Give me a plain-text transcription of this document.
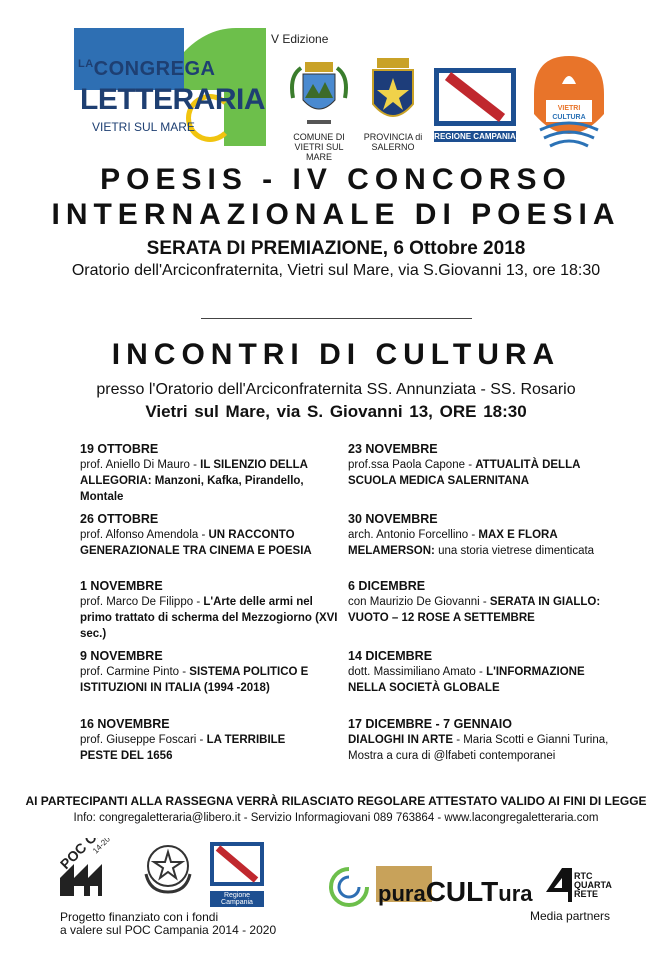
$^{LA}$CONGREGA
LETTERARIA
VIETRI SUL MARE
V Edizione
COMUNE DI
VIETRI SUL MARE
PROVINCIA di
SALERNO
REGIONE CAMPANIA
VIETRI
CULTURA
POESIS - IV CONCORSO
INTERNAZIONALE DI POESIA
SERATA DI PREMIAZIONE, 6 Ottobre 2018
Oratorio dell'Arciconfraternita, Vietri sul Mare, via S.Giovanni 13, ore 18:30
INCONTRI DI CULTURA
presso l'Oratorio dell'Arciconfraternita SS. Annunziata - SS. Rosario
Vietri sul Mare, via S. Giovanni 13, ORE 18:30
19 OTTOBRE
prof. Aniello Di Mauro - IL SILENZIO DELLA ALLEGORIA: Manzoni, Kafka, Pirandello, Montale
26 OTTOBRE
prof. Alfonso Amendola - UN RACCONTO GENERAZIONALE TRA CINEMA E POESIA
1 NOVEMBRE
prof. Marco De Filippo - L'Arte delle armi nel primo trattato di scherma del Mezzogiorno (XVI sec.)
9 NOVEMBRE
prof. Carmine Pinto - SISTEMA POLITICO E ISTITUZIONI IN ITALIA (1994 -2018)
16 NOVEMBRE
prof. Giuseppe Foscari - LA TERRIBILE PESTE DEL 1656
23 NOVEMBRE
prof.ssa Paola Capone - ATTUALITÀ DELLA SCUOLA MEDICA SALERNITANA
30 NOVEMBRE
arch. Antonio Forcellino - MAX E FLORA MELAMERSON: una storia vietrese dimenticata
6 DICEMBRE
con Maurizio De Giovanni - SERATA IN GIALLO: VUOTO – 12 ROSE A SETTEMBRE
14 DICEMBRE
dott. Massimiliano Amato - L'INFORMAZIONE NELLA SOCIETÀ GLOBALE
17 DICEMBRE - 7 GENNAIO
DIALOGHI IN ARTE - Maria Scotti e Gianni Turina, Mostra a cura di @lfabeti contemporanei
AI PARTECIPANTI ALLA RASSEGNA VERRÀ RILASCIATO REGOLARE ATTESTATO VALIDO AI FINI DI LEGGE
Info: congregaletteraria@libero.it - Servizio Informagiovani 089 763864 - www.lacongregaletteraria.com
14-20
Regione Campania
Progetto finanziato con i fondi
a valere sul POC Campania 2014 - 2020
puraCULTura
RTC
QUARTA
RETE
Media partners
